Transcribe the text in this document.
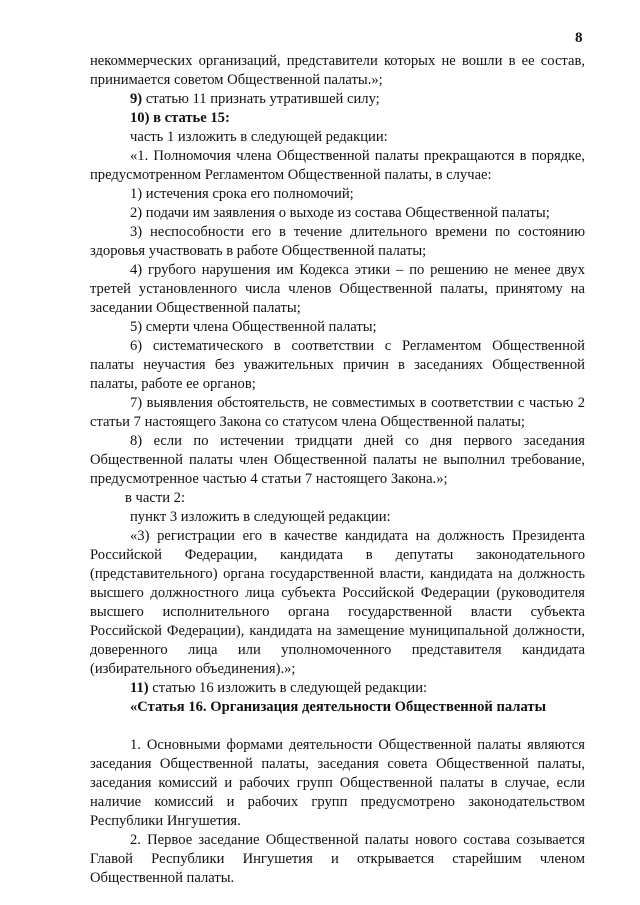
8

некоммерческих организаций, представители которых не вошли в ее состав, принимается советом Общественной палаты.»;

9) статью 11 признать утратившей силу;

10) в статье 15:

часть 1 изложить в следующей редакции:

«1. Полномочия члена Общественной палаты прекращаются в порядке, предусмотренном Регламентом Общественной палаты, в случае:

1) истечения срока его полномочий;

2) подачи им заявления о выходе из состава Общественной палаты;

3) неспособности его в течение длительного времени по состоянию здоровья участвовать в работе Общественной палаты;

4) грубого нарушения им Кодекса этики – по решению не менее двух третей установленного числа членов Общественной палаты, принятому на заседании Общественной палаты;

5) смерти члена Общественной палаты;

6) систематического в соответствии с Регламентом Общественной палаты неучастия без уважительных причин в заседаниях Общественной палаты, работе ее органов;

7) выявления обстоятельств, не совместимых в соответствии с частью 2 статьи 7 настоящего Закона со статусом члена Общественной палаты;

8) если по истечении тридцати дней со дня первого заседания Общественной палаты член Общественной палаты не выполнил требование, предусмотренное частью 4 статьи 7 настоящего Закона.»;

в части 2:

пункт 3 изложить в следующей редакции:

«3) регистрации его в качестве кандидата на должность Президента Российской Федерации, кандидата в депутаты законодательного (представительного) органа государственной власти, кандидата на должность высшего должностного лица субъекта Российской Федерации (руководителя высшего исполнительного органа государственной власти субъекта Российской Федерации), кандидата на замещение муниципальной должности, доверенного лица или уполномоченного представителя кандидата (избирательного объединения).»;

11) статью 16 изложить в следующей редакции:

«Статья 16. Организация деятельности Общественной палаты

1. Основными формами деятельности Общественной палаты являются заседания Общественной палаты, заседания совета Общественной палаты, заседания комиссий и рабочих групп Общественной палаты в случае, если наличие комиссий и рабочих групп предусмотрено законодательством Республики Ингушетия.

2. Первое заседание Общественной палаты нового состава созывается Главой Республики Ингушетия и открывается старейшим членом Общественной палаты.
